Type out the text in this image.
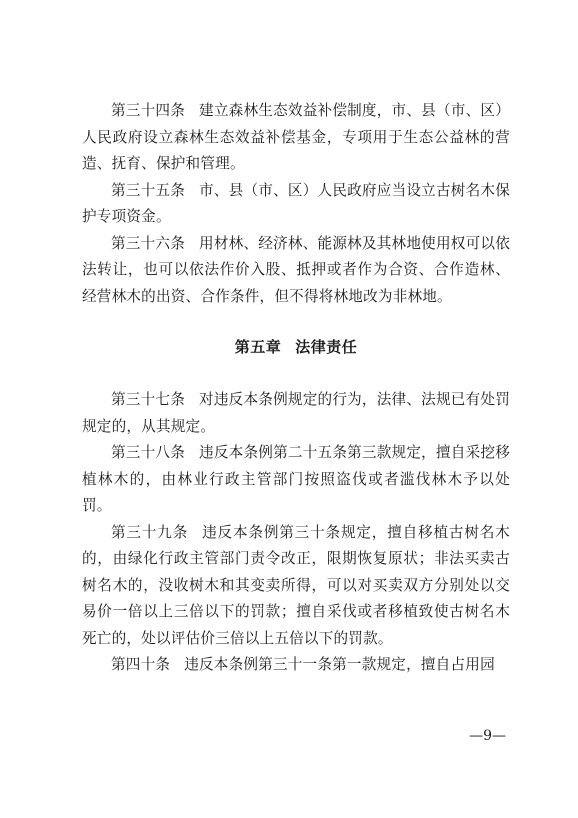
第三十四条 建立森林生态效益补偿制度，市、县（市、区）人民政府设立森林生态效益补偿基金，专项用于生态公益林的营造、抚育、保护和管理。

第三十五条 市、县（市、区）人民政府应当设立古树名木保护专项资金。

第三十六条 用材林、经济林、能源林及其林地使用权可以依法转让，也可以依法作价入股、抵押或者作为合资、合作造林、经营林木的出资、合作条件，但不得将林地改为非林地。

第五章 法律责任

第三十七条 对违反本条例规定的行为，法律、法规已有处罚规定的，从其规定。

第三十八条 违反本条例第二十五条第三款规定，擅自采挖移植林木的，由林业行政主管部门按照盗伐或者滥伐林木予以处罚。

第三十九条 违反本条例第三十条规定，擅自移植古树名木的，由绿化行政主管部门责令改正，限期恢复原状；非法买卖古树名木的，没收树木和其变卖所得，可以对买卖双方分别处以交易价一倍以上三倍以下的罚款；擅自采伐或者移植致使古树名木死亡的，处以评估价三倍以上五倍以下的罚款。

第四十条 违反本条例第三十一条第一款规定，擅自占用园

—9—
